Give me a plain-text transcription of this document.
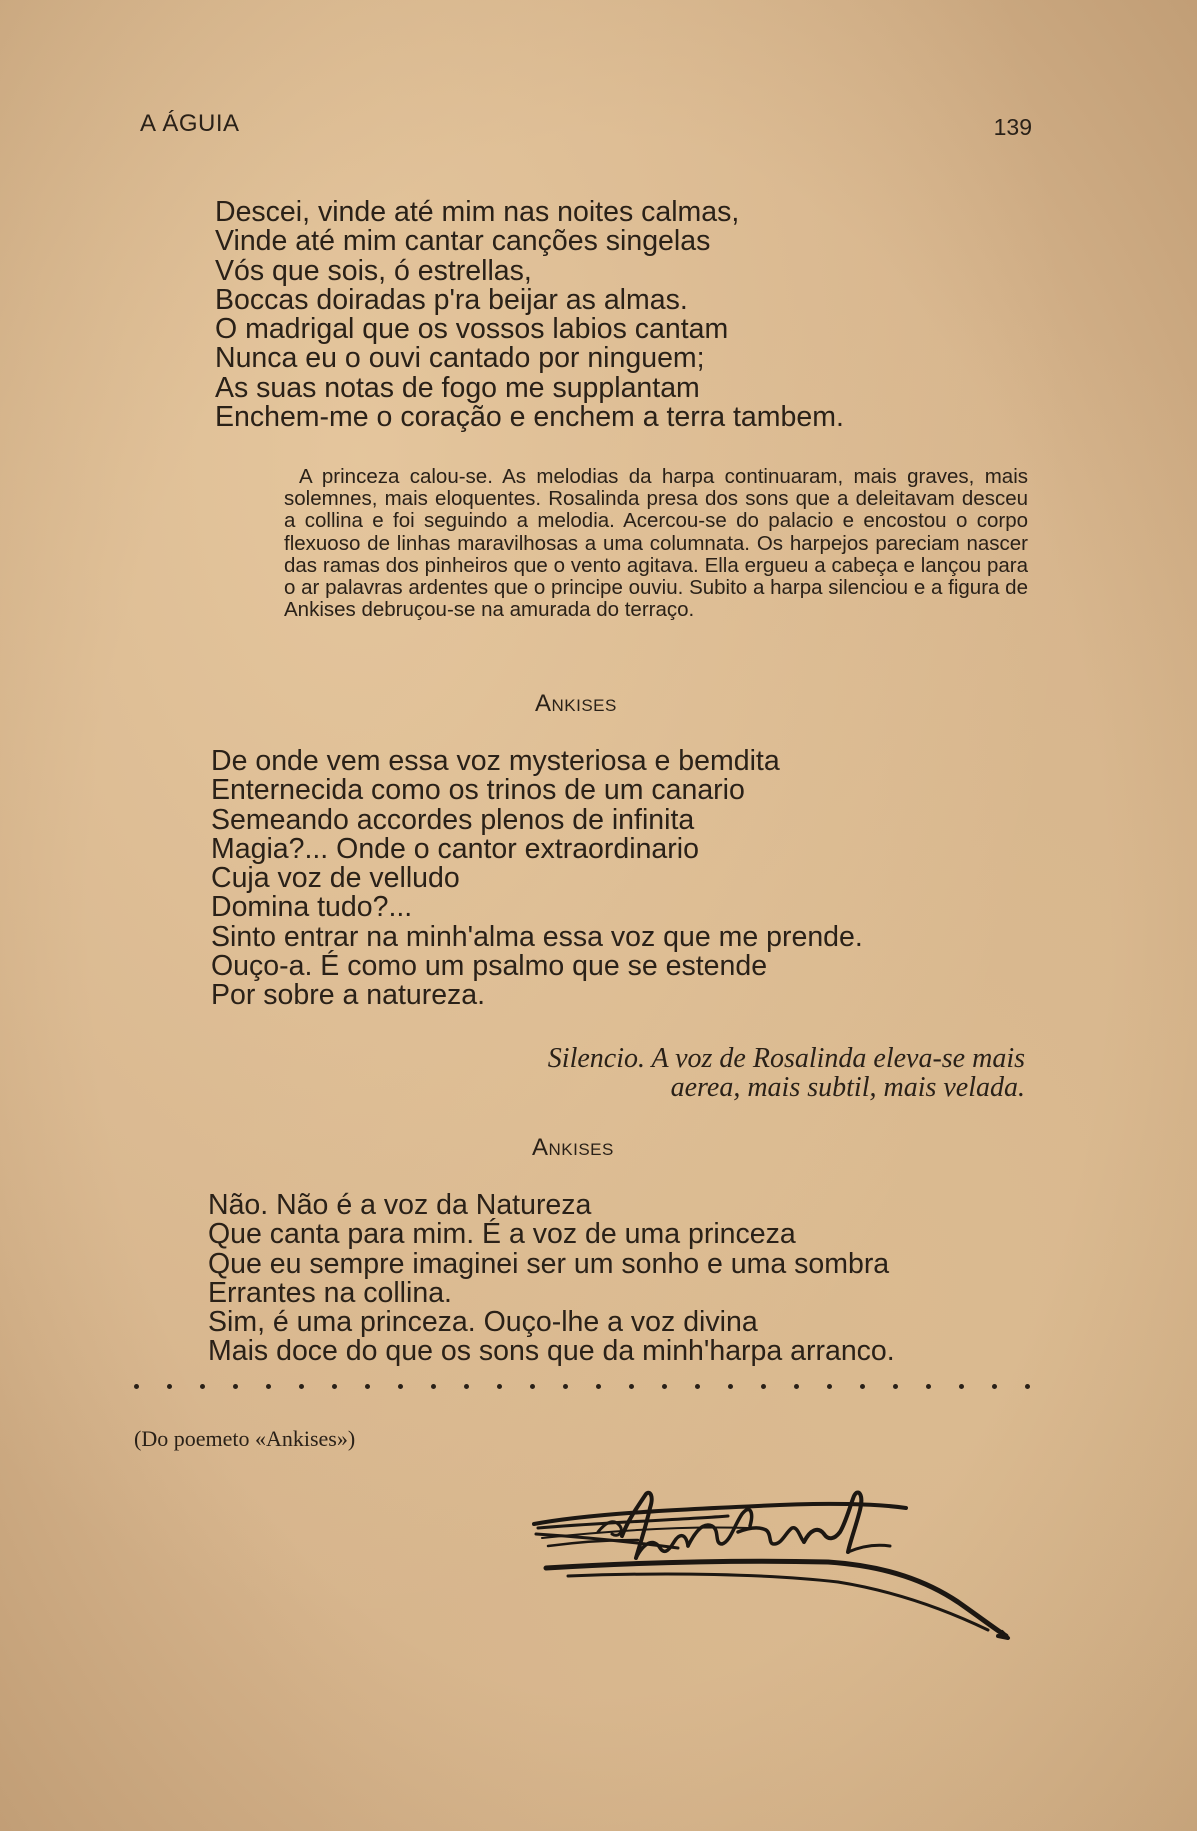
A ÁGUIA	139
Descei, vinde até mim nas noites calmas,
Vinde até mim cantar canções singelas
Vós que sois, ó estrellas,
Boccas doiradas p'ra beijar as almas.
O madrigal que os vossos labios cantam
Nunca eu o ouvi cantado por ninguem;
As suas notas de fogo me supplantam
Enchem-me o coração e enchem a terra tambem.

A princeza calou-se. As melodias da harpa continuaram, mais graves, mais solemnes, mais eloquentes. Rosalinda presa dos sons que a deleitavam desceu a collina e foi seguindo a melodia. Acercou-se do palacio e encostou o corpo flexuoso de linhas maravilhosas a uma columnata. Os harpejos pareciam nascer das ramas dos pinheiros que o vento agitava. Ella ergueu a cabeça e lançou para o ar palavras ardentes que o principe ouviu. Subito a harpa silenciou e a figura de Ankises debruçou-se na amurada do terraço.

Ankises
De onde vem essa voz mysteriosa e bemdita
Enternecida como os trinos de um canario
Semeando accordes plenos de infinita
Magia?... Onde o cantor extraordinario
Cuja voz de velludo
Domina tudo?...
Sinto entrar na minh'alma essa voz que me prende.
Ouço-a. É como um psalmo que se estende
Por sobre a natureza.
Silencio. A voz de Rosalinda eleva-se mais
aerea, mais subtil, mais velada.
Ankises
Não. Não é a voz da Natureza
Que canta para mim. É a voz de uma princeza
Que eu sempre imaginei ser um sonho e uma sombra
Errantes na collina.
Sim, é uma princeza. Ouço-lhe a voz divina
Mais doce do que os sons que da minh'harpa arranco.
(Do poemeto «Ankises»)
